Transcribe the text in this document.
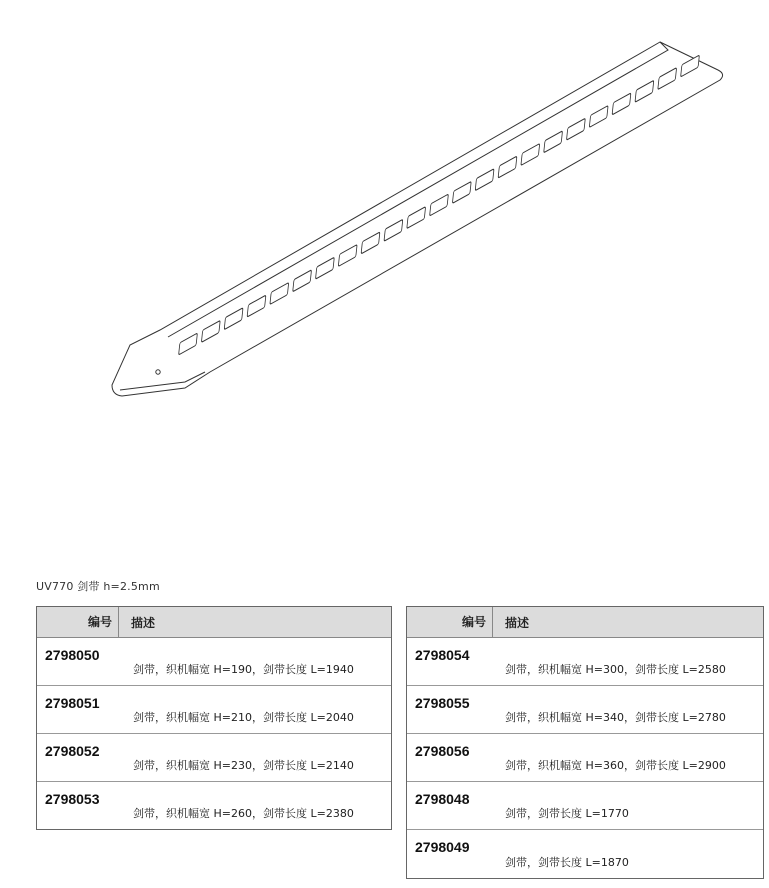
UV770 剑带 h=2.5mm
编号	描述
2798050
剑带，织机幅宽 H=190，剑带长度 L=1940
2798051
剑带，织机幅宽 H=210，剑带长度 L=2040
2798052
剑带，织机幅宽 H=230，剑带长度 L=2140
2798053
剑带，织机幅宽 H=260，剑带长度 L=2380
编号	描述
2798054
剑带，织机幅宽 H=300，剑带长度 L=2580
2798055
剑带，织机幅宽 H=340，剑带长度 L=2780
2798056
剑带，织机幅宽 H=360，剑带长度 L=2900
2798048
剑带，剑带长度 L=1770
2798049
剑带，剑带长度 L=1870
